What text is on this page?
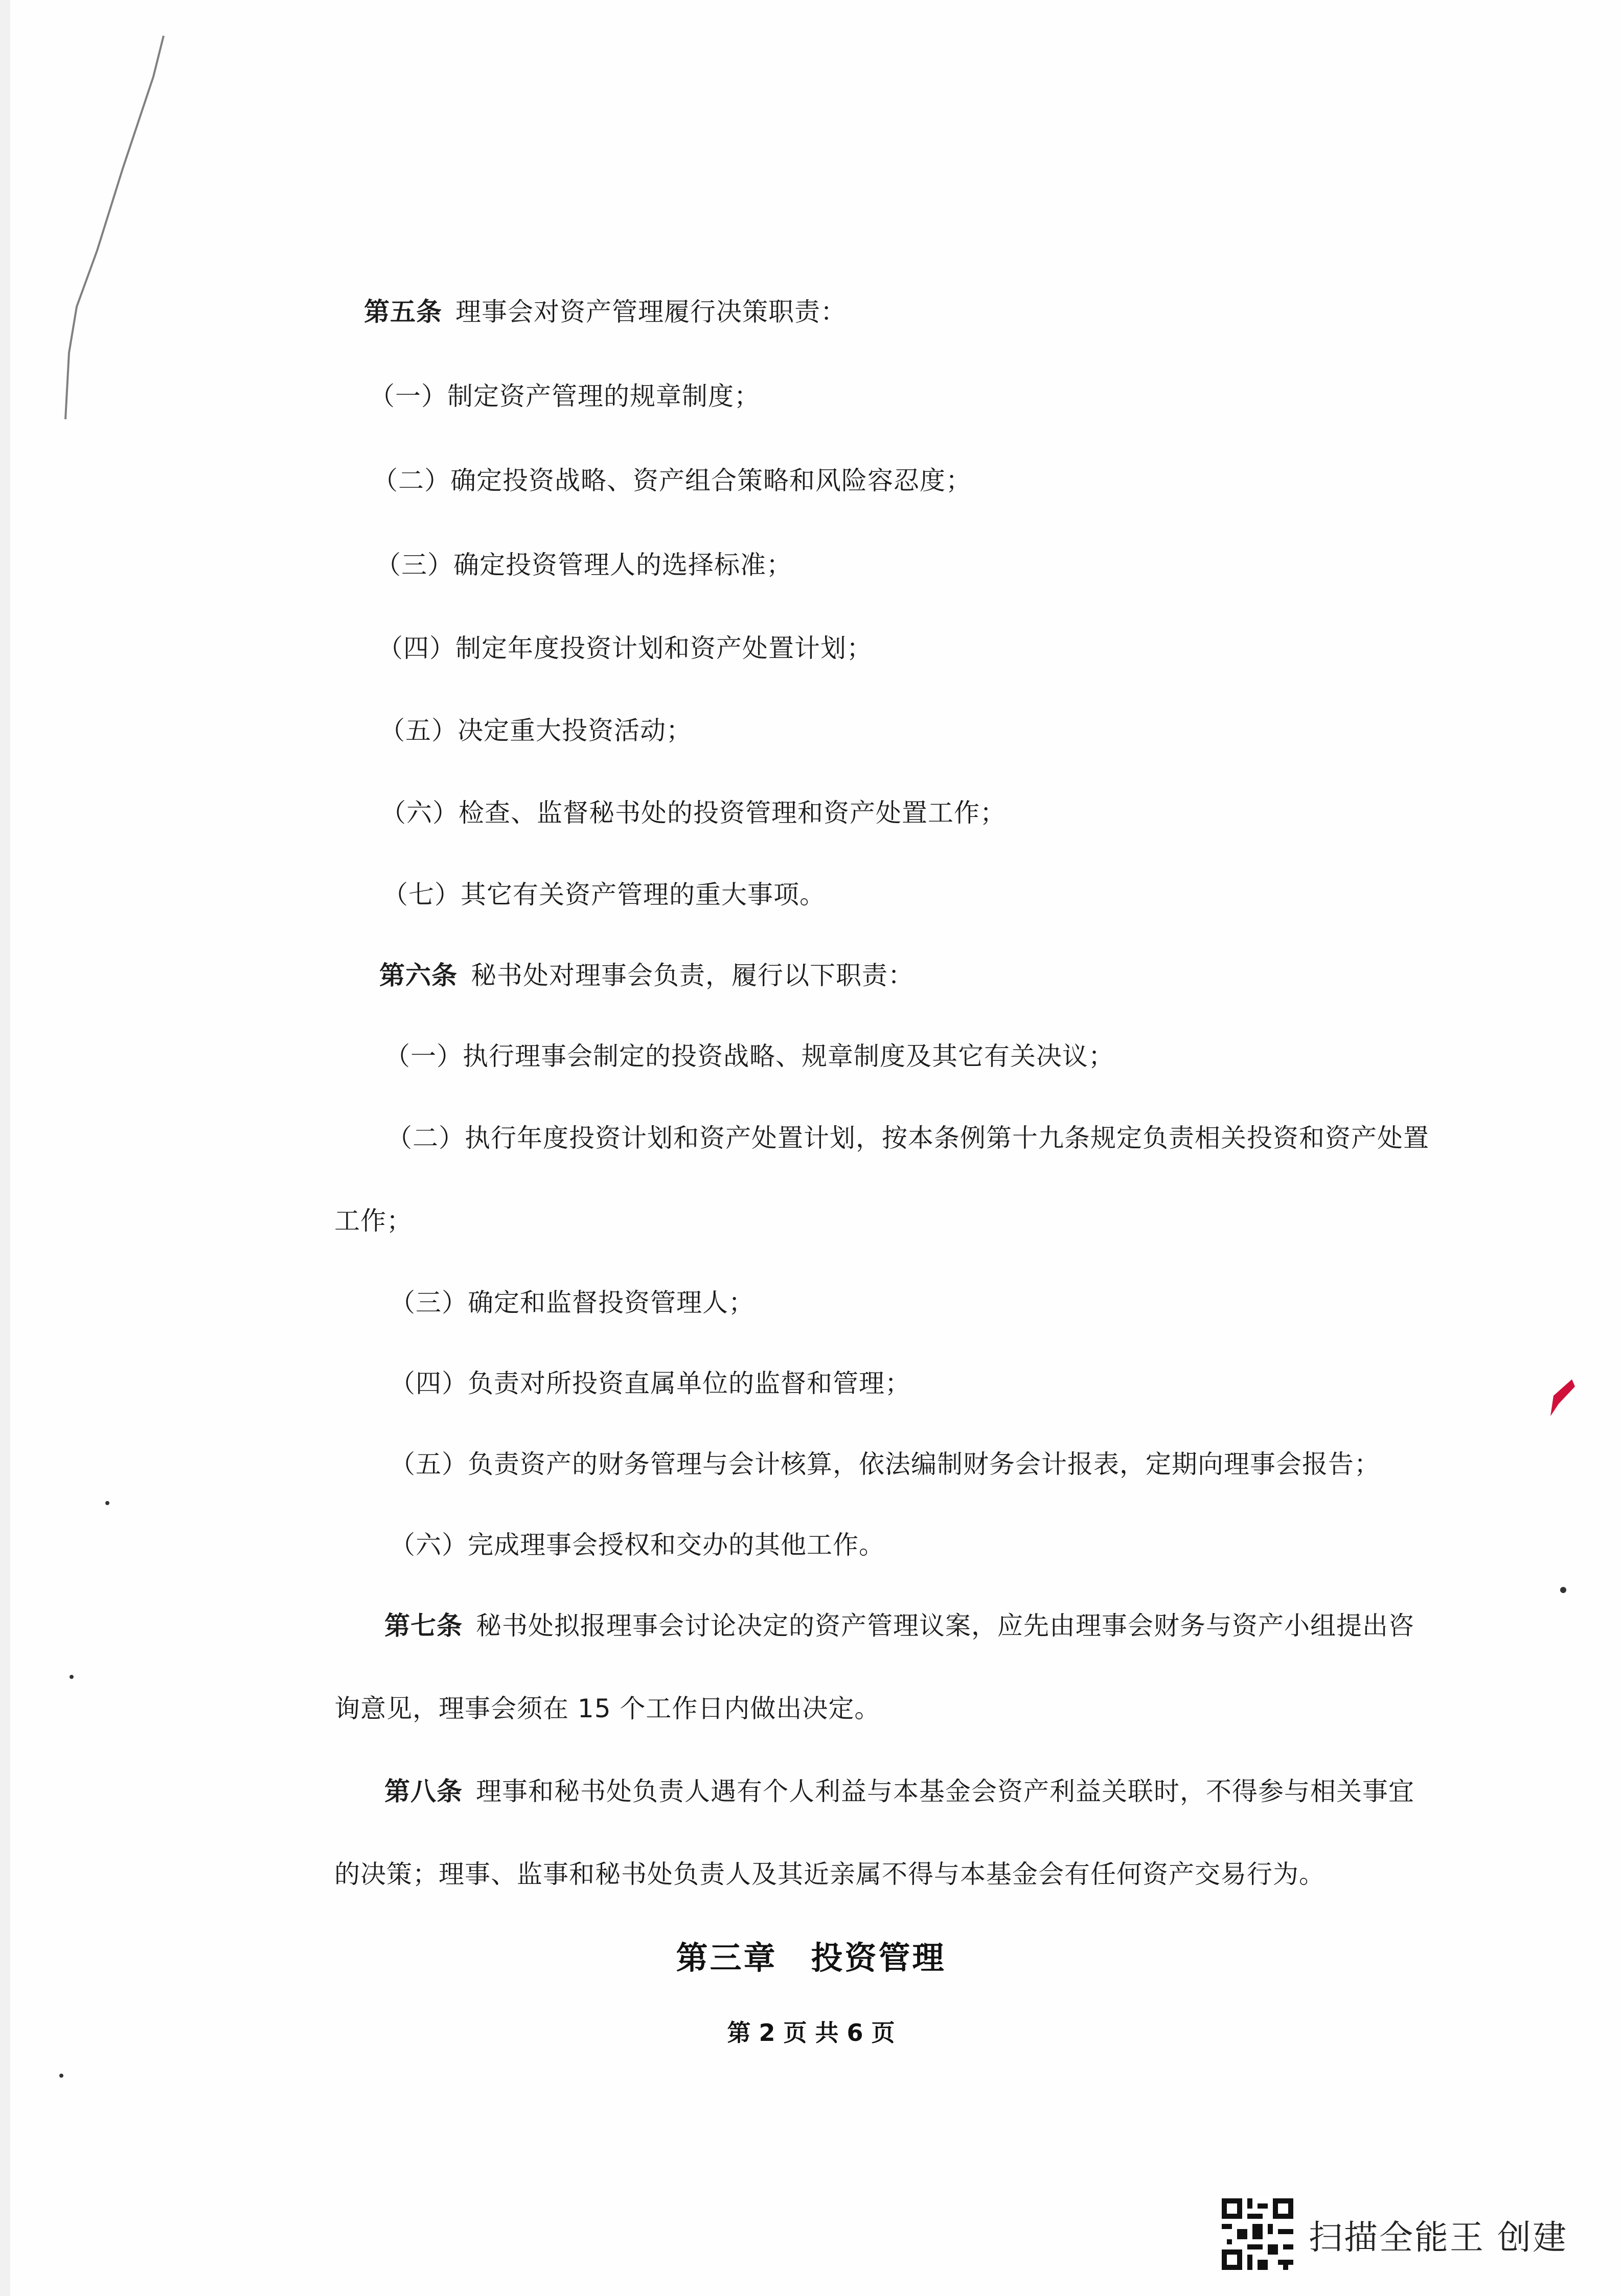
第五条 理事会对资产管理履行决策职责：
（一）制定资产管理的规章制度；
（二）确定投资战略、资产组合策略和风险容忍度；
（三）确定投资管理人的选择标准；
（四）制定年度投资计划和资产处置计划；
（五）决定重大投资活动；
（六）检查、监督秘书处的投资管理和资产处置工作；
（七）其它有关资产管理的重大事项。
第六条 秘书处对理事会负责，履行以下职责：
（一）执行理事会制定的投资战略、规章制度及其它有关决议；
（二）执行年度投资计划和资产处置计划，按本条例第十九条规定负责相关投资和资产处置
工作；
（三）确定和监督投资管理人；
（四）负责对所投资直属单位的监督和管理；
（五）负责资产的财务管理与会计核算，依法编制财务会计报表，定期向理事会报告；
（六）完成理事会授权和交办的其他工作。
第七条 秘书处拟报理事会讨论决定的资产管理议案，应先由理事会财务与资产小组提出咨
询意见，理事会须在 15 个工作日内做出决定。
第八条 理事和秘书处负责人遇有个人利益与本基金会资产利益关联时，不得参与相关事宜
的决策；理事、监事和秘书处负责人及其近亲属不得与本基金会有任何资产交易行为。
第三章　投资管理
第 2 页 共 6 页
扫描全能王 创建
